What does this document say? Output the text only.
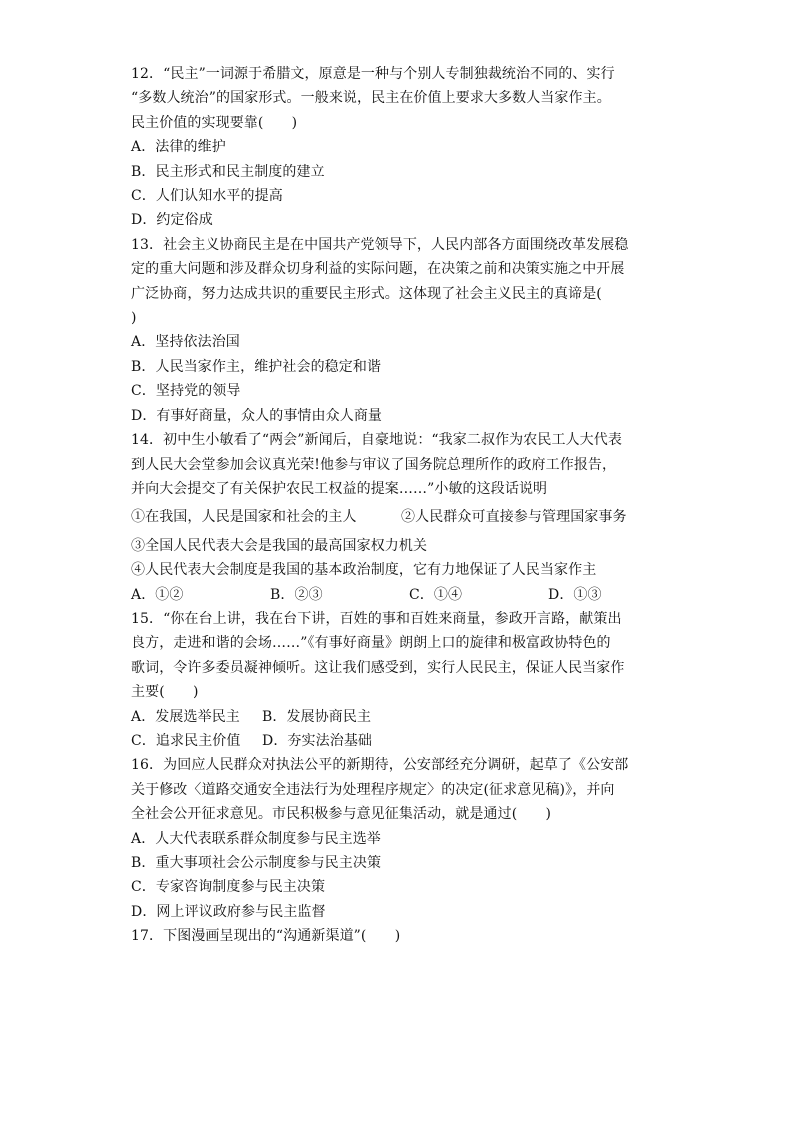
12．“民主”一词源于希腊文，原意是一种与个别人专制独裁统治不同的、实行

“多数人统治”的国家形式。一般来说，民主在价值上要求大多数人当家作主。

民主价值的实现要靠(　　)

A．法律的维护

B．民主形式和民主制度的建立

C．人们认知水平的提高

D．约定俗成

13．社会主义协商民主是在中国共产党领导下，人民内部各方面围绕改革发展稳

定的重大问题和涉及群众切身利益的实际问题，在决策之前和决策实施之中开展

广泛协商，努力达成共识的重要民主形式。这体现了社会主义民主的真谛是(

)

A．坚持依法治国

B．人民当家作主，维护社会的稳定和谐

C．坚持党的领导

D．有事好商量，众人的事情由众人商量

14．初中生小敏看了“两会”新闻后，自豪地说：“我家二叔作为农民工人大代表

到人民大会堂参加会议真光荣!他参与审议了国务院总理所作的政府工作报告，

并向大会提交了有关保护农民工权益的提案……”小敏的这段话说明

①在我国，人民是国家和社会的主人	②人民群众可直接参与管理国家事务

③全国人民代表大会是我国的最高国家权力机关

④人民代表大会制度是我国的基本政治制度，它有力地保证了人民当家作主

A．①②	B．②③	C．①④	D．①③

15．“你在台上讲，我在台下讲，百姓的事和百姓来商量，参政开言路，献策出

良方，走进和谐的会场……”《有事好商量》朗朗上口的旋律和极富政协特色的

歌词，令许多委员凝神倾听。这让我们感受到，实行人民民主，保证人民当家作

主要(　　)

A．发展选举民主 B．发展协商民主

C．追求民主价值 D．夯实法治基础

16．为回应人民群众对执法公平的新期待，公安部经充分调研，起草了《公安部

关于修改〈道路交通安全违法行为处理程序规定〉的决定(征求意见稿)》，并向

全社会公开征求意见。市民积极参与意见征集活动，就是通过(　　)

A．人大代表联系群众制度参与民主选举

B．重大事项社会公示制度参与民主决策

C．专家咨询制度参与民主决策

D．网上评议政府参与民主监督

17．下图漫画呈现出的“沟通新渠道”(　　)
